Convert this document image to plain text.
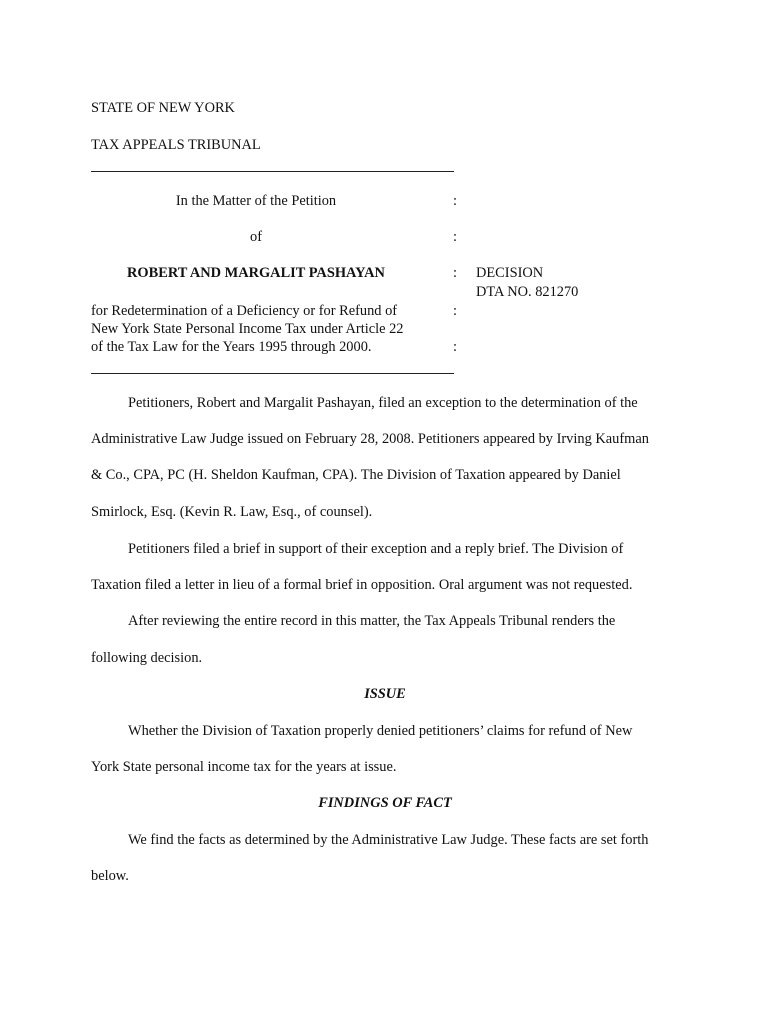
STATE OF NEW YORK
TAX APPEALS TRIBUNAL
In the Matter of the Petition	:
of	:
ROBERT AND MARGALIT PASHAYAN	: DECISION
DTA NO. 821270
for Redetermination of a Deficiency or for Refund of	:
New York State Personal Income Tax under Article 22
of the Tax Law for the Years 1995 through 2000.	:
Petitioners, Robert and Margalit Pashayan, filed an exception to the determination of the
Administrative Law Judge issued on February 28, 2008. Petitioners appeared by Irving Kaufman
& Co., CPA, PC (H. Sheldon Kaufman, CPA). The Division of Taxation appeared by Daniel
Smirlock, Esq. (Kevin R. Law, Esq., of counsel).
Petitioners filed a brief in support of their exception and a reply brief. The Division of
Taxation filed a letter in lieu of a formal brief in opposition. Oral argument was not requested.
After reviewing the entire record in this matter, the Tax Appeals Tribunal renders the
following decision.
ISSUE
Whether the Division of Taxation properly denied petitioners’ claims for refund of New
York State personal income tax for the years at issue.
FINDINGS OF FACT
We find the facts as determined by the Administrative Law Judge. These facts are set forth
below.
